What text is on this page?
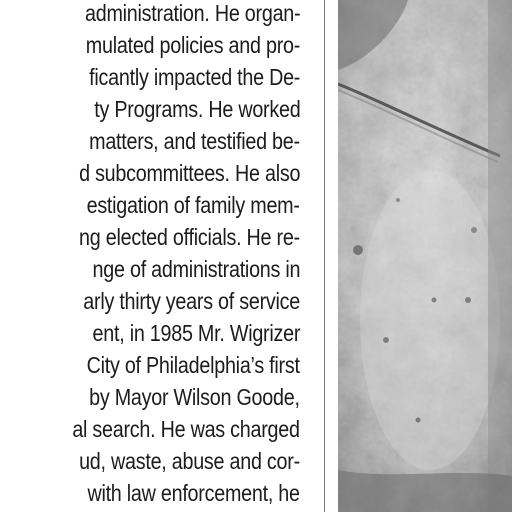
administration. He organ-
mulated policies and pro-
ficantly impacted the De-
ty Programs. He worked
matters, and testified be-
d subcommittees. He also
estigation of family mem-
ng elected officials. He re-
nge of administrations in
arly thirty years of service
ent, in 1985 Mr. Wigrizer
City of Philadelphia’s first
by Mayor Wilson Goode,
al search. He was charged
ud, waste, abuse and cor-
with law enforcement, he
